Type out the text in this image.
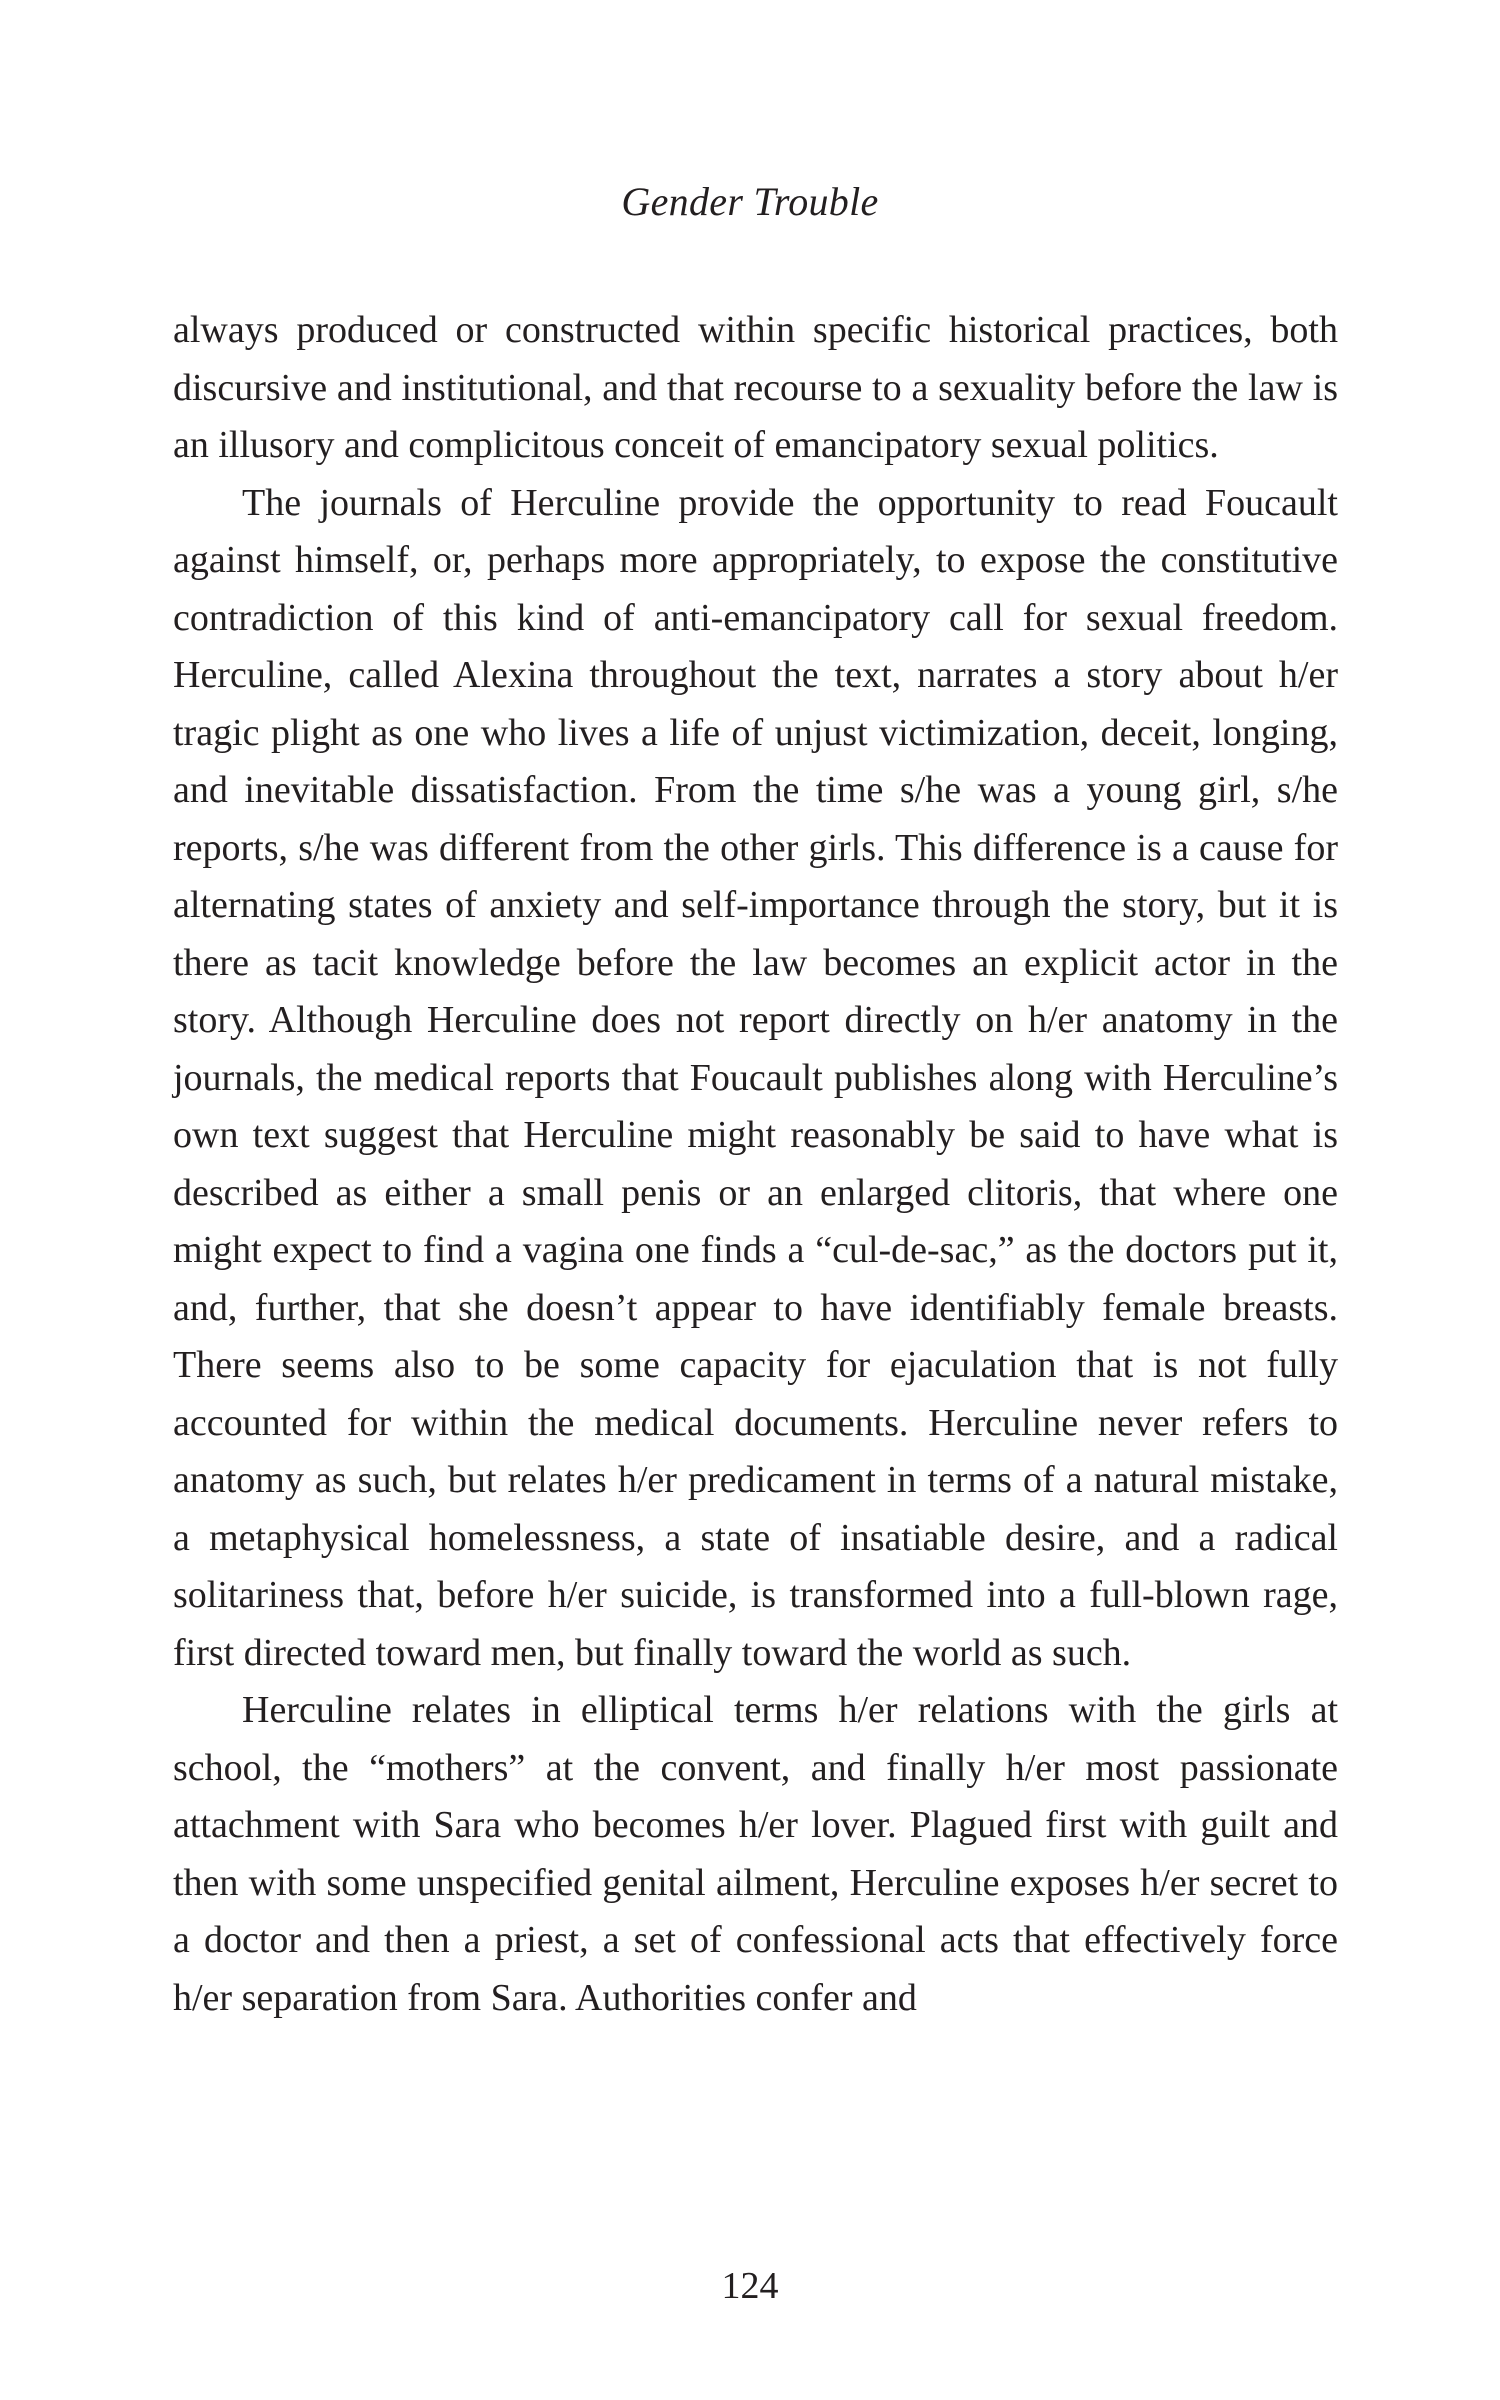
Gender Trouble

always produced or constructed within specific historical practices, both discursive and institutional, and that recourse to a sexuality before the law is an illusory and complicitous conceit of emancipatory sexual politics.

The journals of Herculine provide the opportunity to read Foucault against himself, or, perhaps more appropriately, to expose the constitutive contradiction of this kind of anti-emancipatory call for sexual freedom. Herculine, called Alexina throughout the text, narrates a story about h/er tragic plight as one who lives a life of unjust victimization, deceit, longing, and inevitable dissatisfaction. From the time s/he was a young girl, s/he reports, s/he was different from the other girls. This difference is a cause for alternating states of anxiety and self-importance through the story, but it is there as tacit knowledge before the law becomes an explicit actor in the story. Although Herculine does not report directly on h/er anatomy in the journals, the medical reports that Foucault publishes along with Herculine’s own text suggest that Herculine might reasonably be said to have what is described as either a small penis or an enlarged clitoris, that where one might expect to find a vagina one finds a “cul-de-sac,” as the doctors put it, and, further, that she doesn’t appear to have identifiably female breasts. There seems also to be some capacity for ejaculation that is not fully accounted for within the medical documents. Herculine never refers to anatomy as such, but relates h/er predicament in terms of a natural mistake, a metaphysical homelessness, a state of insatiable desire, and a radical solitariness that, before h/er suicide, is transformed into a full-blown rage, first directed toward men, but finally toward the world as such.

Herculine relates in elliptical terms h/er relations with the girls at school, the “mothers” at the convent, and finally h/er most passionate attachment with Sara who becomes h/er lover. Plagued first with guilt and then with some unspecified genital ailment, Herculine exposes h/er secret to a doctor and then a priest, a set of confessional acts that effectively force h/er separation from Sara. Authorities confer and

124
